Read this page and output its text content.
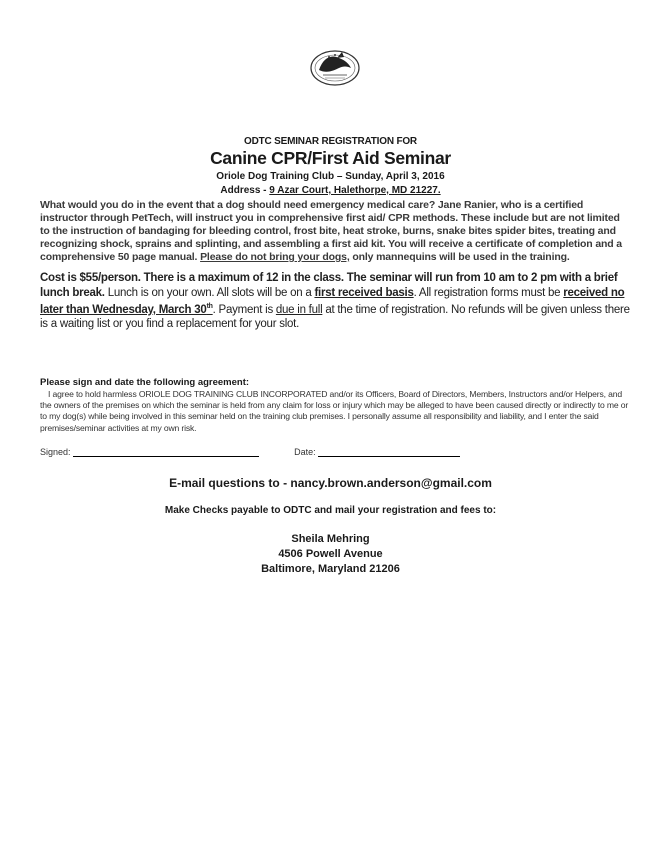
ODTC SEMINAR REGISTRATION FOR
Canine CPR/First Aid Seminar
Oriole Dog Training Club – Sunday, April 3, 2016
Address - 9 Azar Court, Halethorpe, MD 21227.
What would you do in the event that a dog should need emergency medical care? Jane Ranier, who is a certified instructor through PetTech, will instruct you in comprehensive first aid/ CPR methods. These include but are not limited to the instruction of bandaging for bleeding control, frost bite, heat stroke, burns, snake bites spider bites, treating and recognizing shock, sprains and splinting, and assembling a first aid kit. You will receive a certificate of completion and a comprehensive 50 page manual. Please do not bring your dogs, only mannequins will be used in the training.
Cost is $55/person. There is a maximum of 12 in the class. The seminar will run from 10 am to 2 pm with a brief lunch break. Lunch is on your own. All slots will be on a first received basis. All registration forms must be received no later than Wednesday, March 30th. Payment is due in full at the time of registration. No refunds will be given unless there is a waiting list or you find a replacement for your slot.
Please sign and date the following agreement:
I agree to hold harmless ORIOLE DOG TRAINING CLUB INCORPORATED and/or its Officers, Board of Directors, Members, Instructors and/or Helpers, and the owners of the premises on which the seminar is held from any claim for loss or injury which may be alleged to have been caused directly or indirectly to me or to my dog(s) while being involved in this seminar held on the training club premises. I personally assume all responsibility and liability, and I enter the said premises/seminar activities at my own risk.
Signed:	Date:
E-mail questions to - nancy.brown.anderson@gmail.com
Make Checks payable to ODTC and mail your registration and fees to:
Sheila Mehring
4506 Powell Avenue
Baltimore, Maryland 21206
